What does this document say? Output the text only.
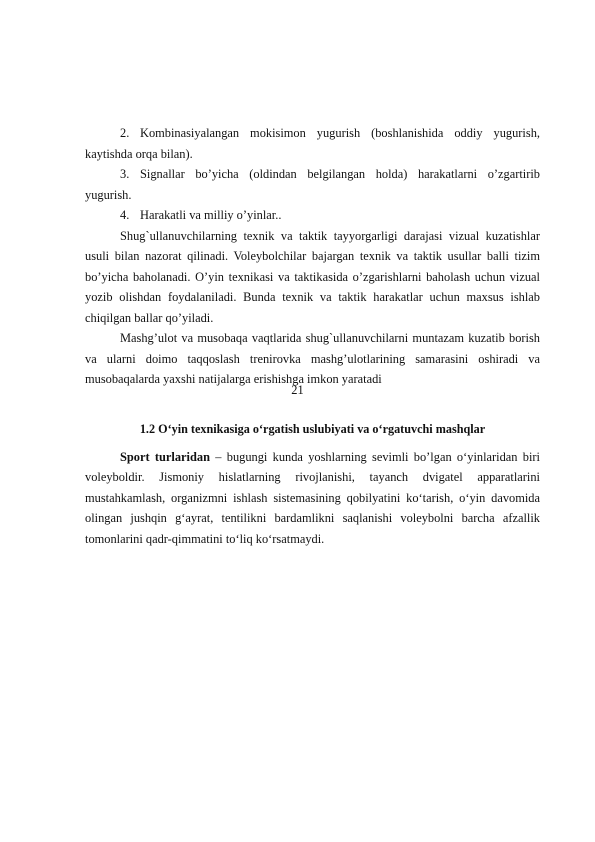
2. Kombinasiyalangan mokisimon yugurish (boshlanishida oddiy yugurish, kaytishda orqa bilan).

3. Signallar bo’yicha (oldindan belgilangan holda) harakatlarni o’zgartirib yugurish.

4. Harakatli va milliy o’yinlar..

Shug`ullanuvchilarning texnik va taktik tayyorgarligi darajasi vizual kuzatishlar usuli bilan nazorat qilinadi. Voleybolchilar bajargan texnik va taktik usullar balli tizim bo’yicha baholanadi. O’yin texnikasi va taktikasida o’zgarishlarni baholash uchun vizual yozib olishdan foydalaniladi. Bunda texnik va taktik harakatlar uchun maxsus ishlab chiqilgan ballar qo’yiladi.

Mashg’ulot va musobaqa vaqtlarida shug`ullanuvchilarni muntazam kuzatib borish va ularni doimo taqqoslash trenirovka mashg’ulotlarining samarasini oshiradi va musobaqalarda yaxshi natijalarga erishishga imkon yaratadi

1.2 O‘yin texnikasiga o‘rgatish uslubiyati va o‘rgatuvchi mashqlar

Sport turlaridan – bugungi kunda yoshlarning sevimli bo’lgan o‘yinlaridan biri voleyboldir. Jismoniy hislatlarning rivojlanishi, tayanch dvigatel apparatlarini mustahkamlash, organizmni ishlash sistemasining qobilyatini ko‘tarish, o‘yin davomida olingan jushqin g‘ayrat, tentilikni bardamlikni saqlanishi voleybolni barcha afzallik tomonlarini qadr-qimmatini to‘liq ko‘rsatmaydi.

21
